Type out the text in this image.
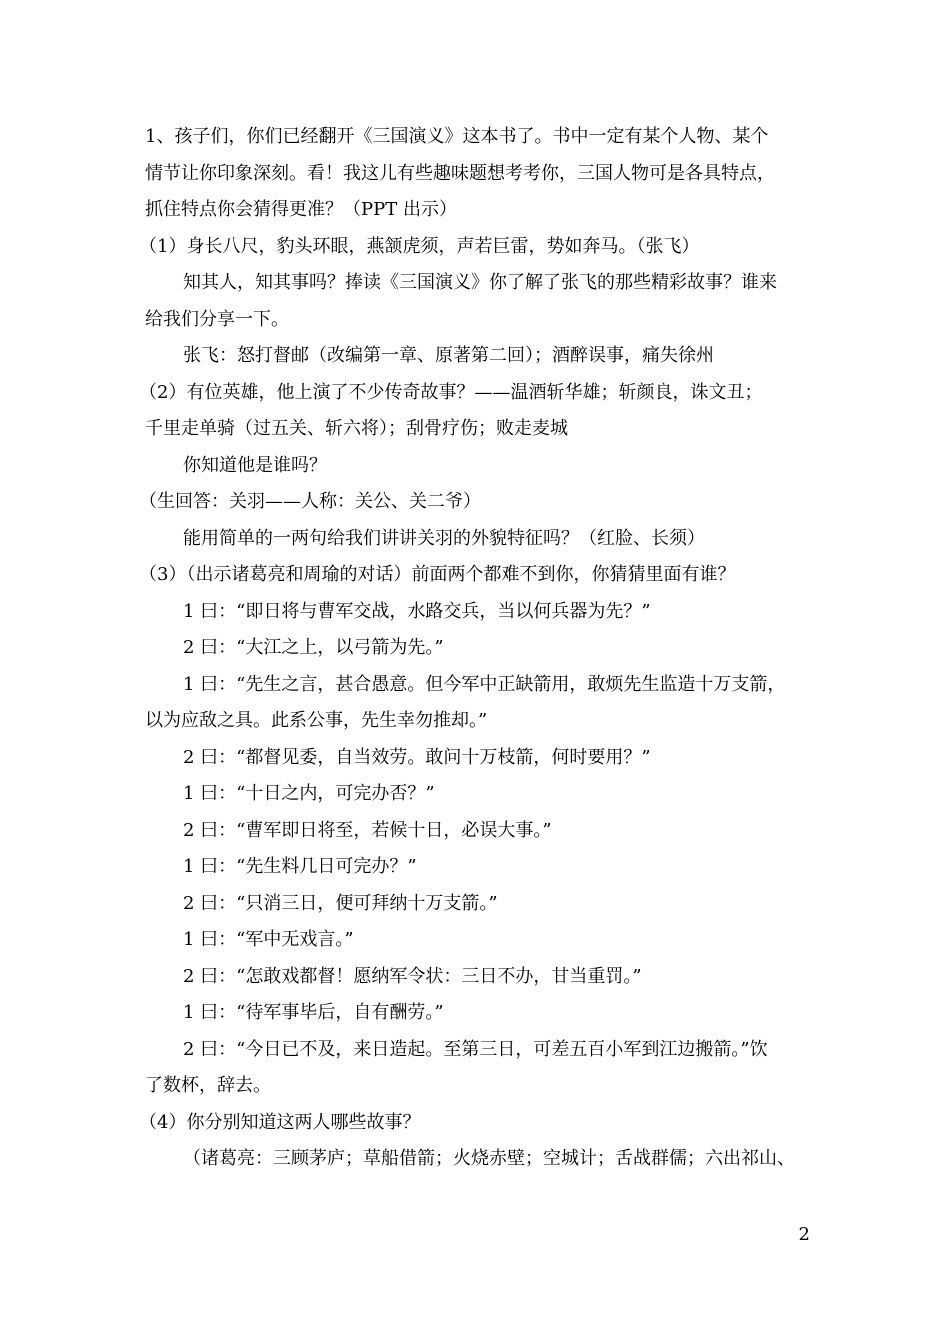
1、孩子们，你们已经翻开《三国演义》这本书了。书中一定有某个人物、某个
情节让你印象深刻。看！我这儿有些趣味题想考考你，三国人物可是各具特点，
抓住特点你会猜得更准？（PPT 出示）
（1）身长八尺，豹头环眼，燕颔虎须，声若巨雷，势如奔马。（张飞）
知其人，知其事吗？捧读《三国演义》你了解了张飞的那些精彩故事？谁来
给我们分享一下。
张飞：怒打督邮（改编第一章、原著第二回）；酒醉误事，痛失徐州
（2）有位英雄，他上演了不少传奇故事？——温酒斩华雄；斩颜良，诛文丑；
千里走单骑（过五关、斩六将）；刮骨疗伤；败走麦城
你知道他是谁吗？
（生回答：关羽——人称：关公、关二爷）
能用简单的一两句给我们讲讲关羽的外貌特征吗？（红脸、长须）
（3）（出示诸葛亮和周瑜的对话）前面两个都难不到你，你猜猜里面有谁？
1 曰：“即日将与曹军交战，水路交兵，当以何兵器为先？”
2 曰：“大江之上，以弓箭为先。”
1 曰：“先生之言，甚合愚意。但今军中正缺箭用，敢烦先生监造十万支箭，
以为应敌之具。此系公事，先生幸勿推却。”
2 曰：“都督见委，自当效劳。敢问十万枝箭，何时要用？”
1 曰：“十日之内，可完办否？”
2 曰：“曹军即日将至，若候十日，必误大事。”
1 曰：“先生料几日可完办？”
2 曰：“只消三日，便可拜纳十万支箭。”
1 曰：“军中无戏言。”
2 曰：“怎敢戏都督！愿纳军令状：三日不办，甘当重罚。”
1 曰：“待军事毕后，自有酬劳。”
2 曰：“今日已不及，来日造起。至第三日，可差五百小军到江边搬箭。”饮
了数杯，辞去。
（4）你分别知道这两人哪些故事？
（诸葛亮：三顾茅庐；草船借箭；火烧赤壁；空城计；舌战群儒；六出祁山、
2
